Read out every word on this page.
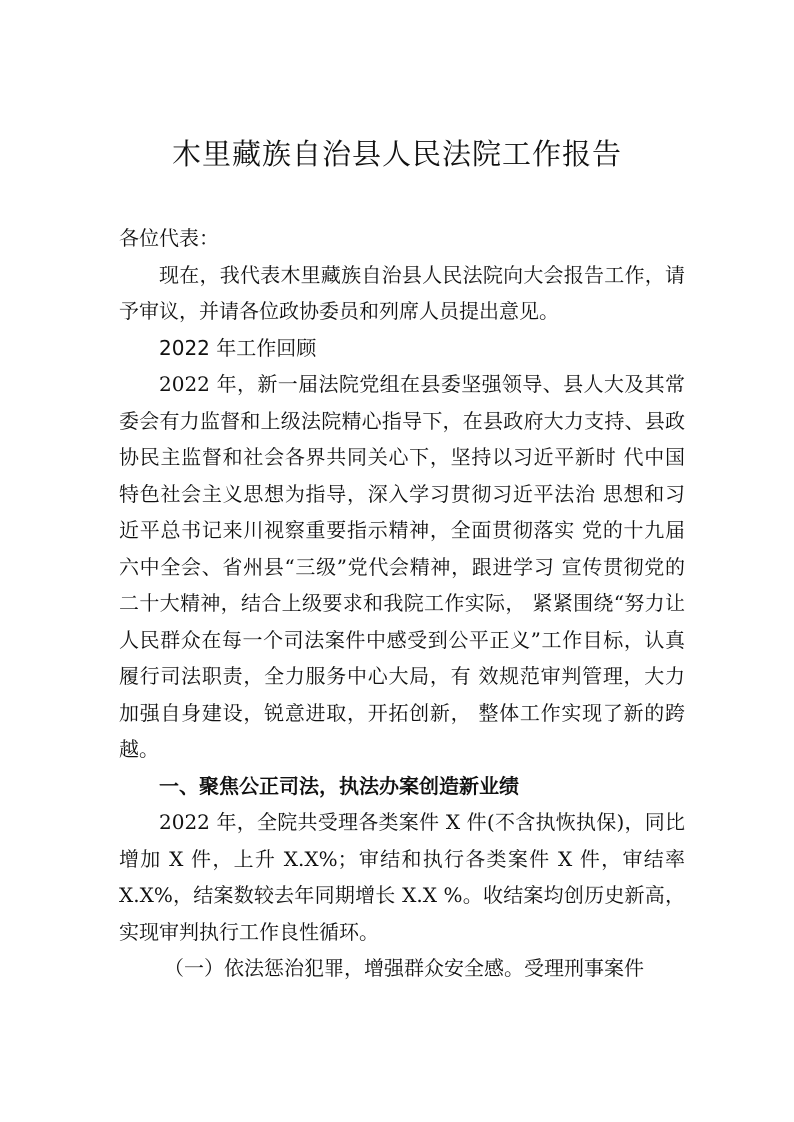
木里藏族自治县人民法院工作报告

各位代表：

现在，我代表木里藏族自治县人民法院向大会报告工作，请予审议，并请各位政协委员和列席人员提出意见。

2022 年工作回顾

2022 年，新一届法院党组在县委坚强领导、县人大及其常委会有力监督和上级法院精心指导下，在县政府大力支持、县政协民主监督和社会各界共同关心下，坚持以习近平新时 代中国特色社会主义思想为指导，深入学习贯彻习近平法治 思想和习近平总书记来川视察重要指示精神，全面贯彻落实 党的十九届六中全会、省州县“三级”党代会精神，跟进学习 宣传贯彻党的二十大精神，结合上级要求和我院工作实际， 紧紧围绕“努力让人民群众在每一个司法案件中感受到公平正义”工作目标，认真履行司法职责，全力服务中心大局，有 效规范审判管理，大力加强自身建设，锐意进取，开拓创新， 整体工作实现了新的跨越。

一、聚焦公正司法，执法办案创造新业绩

2022 年，全院共受理各类案件 X 件(不含执恢执保)，同比增加 X 件，上升 X.X%；审结和执行各类案件 X 件，审结率 X.X%，结案数较去年同期增长 X.X %。收结案均创历史新高，实现审判执行工作良性循环。

（一）依法惩治犯罪，增强群众安全感。受理刑事案件
